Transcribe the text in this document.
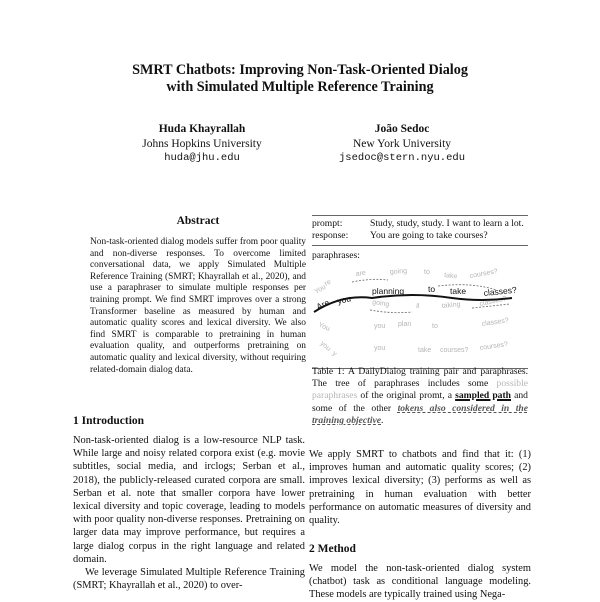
SMRT Chatbots: Improving Non-Task-Oriented Dialog
with Simulated Multiple Reference Training
Huda Khayrallah
Johns Hopkins University
huda@jhu.edu
João Sedoc
New York University
jsedoc@stern.nyu.edu
Abstract
Non-task-oriented dialog models suffer from poor quality and non-diverse responses. To overcome limited conversational data, we apply Simulated Multiple Reference Training (SMRT; Khayrallah et al., 2020), and use a paraphraser to simulate multiple responses per training prompt. We find SMRT improves over a strong Transformer baseline as measured by human and automatic quality scores and lexical diversity. We also find SMRT is comparable to pretraining in human evaluation quality, and outperforms pretraining on automatic quality and lexical diversity, without requiring related-domain dialog data.
1 Introduction

Non-task-oriented dialog is a low-resource NLP task. While large and noisy related corpora exist (e.g. movie subtitles, social media, and irclogs; Serban et al., 2018), the publicly-released curated corpora are small. Serban et al. note that smaller corpora have lower lexical diversity and topic coverage, leading to models with poor quality non-diverse responses. Pretraining on larger data may improve performance, but requires a large dialog corpus in the right language and related domain.

We leverage Simulated Multiple Reference Training (SMRT; Khayrallah et al., 2020) to over-

prompt:	Study, study, study. I want to learn a lot.
response:	You are going to take courses?
paraphrases:
You
You
you
re
y
are	going to take courses?
going	ll	taking	classes?
you plan	to	classes?
you	take courses? courses?
Are you
planning	to take classes?
Table 1: A DailyDialog training pair and paraphrases. The tree of paraphrases includes some possible paraphrases of the original promt, a sampled path and some of the other tokens also considered in the training objective.

We apply SMRT to chatbots and find that it: (1) improves human and automatic quality scores; (2) improves lexical diversity; (3) performs as well as pretraining in human evaluation with better performance on automatic measures of diversity and quality.

2 Method

We model the non-task-oriented dialog system (chatbot) task as conditional language modeling. These models are typically trained using Nega-
